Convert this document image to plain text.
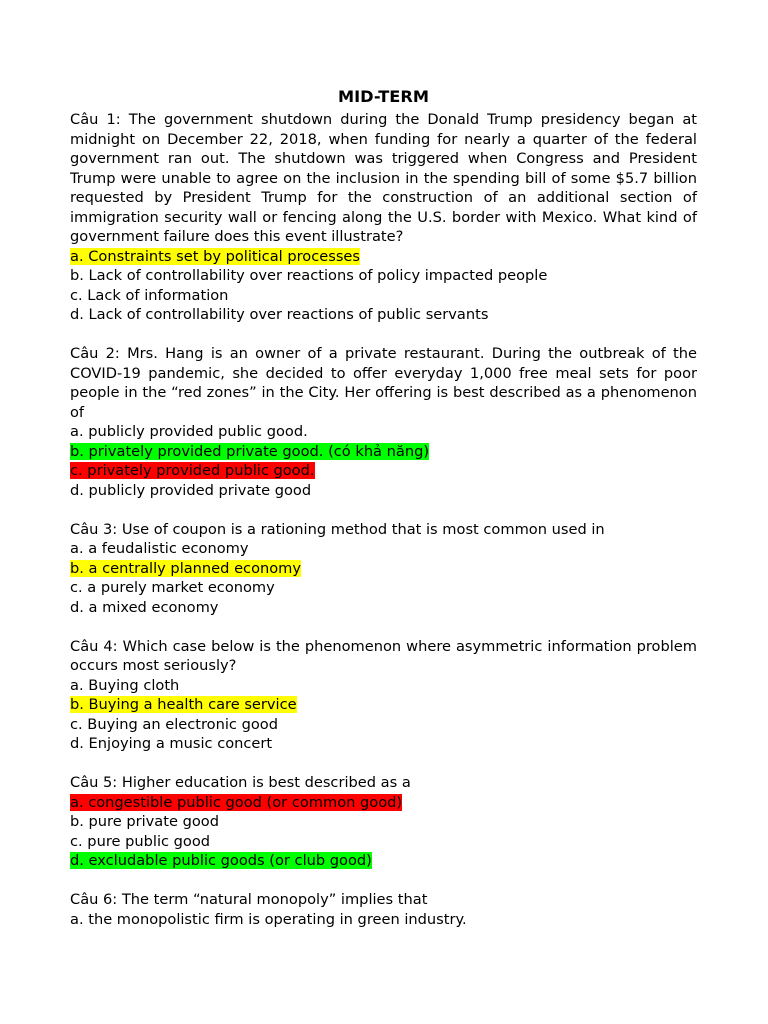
MID-TERM

Câu 1: The government shutdown during the Donald Trump presidency began at midnight on December 22, 2018, when funding for nearly a quarter of the federal government ran out. The shutdown was triggered when Congress and President Trump were unable to agree on the inclusion in the spending bill of some $5.7 billion requested by President Trump for the construction of an additional section of immigration security wall or fencing along the U.S. border with Mexico. What kind of government failure does this event illustrate?

a. Constraints set by political processes

b. Lack of controllability over reactions of policy impacted people

c. Lack of information

d. Lack of controllability over reactions of public servants

Câu 2: Mrs. Hang is an owner of a private restaurant. During the outbreak of the COVID-19 pandemic, she decided to offer everyday 1,000 free meal sets for poor people in the “red zones” in the City. Her offering is best described as a phenomenon of

a. publicly provided public good.

b. privately provided private good. (có khả năng)

c. privately provided public good.

d. publicly provided private good

Câu 3: Use of coupon is a rationing method that is most common used in

a. a feudalistic economy

b. a centrally planned economy

c. a purely market economy

d. a mixed economy

Câu 4: Which case below is the phenomenon where asymmetric information problem occurs most seriously?

a. Buying cloth

b. Buying a health care service

c. Buying an electronic good

d. Enjoying a music concert

Câu 5: Higher education is best described as a

a. congestible public good (or common good)

b. pure private good

c. pure public good

d. excludable public goods (or club good)

Câu 6: The term “natural monopoly” implies that

a. the monopolistic firm is operating in green industry.
